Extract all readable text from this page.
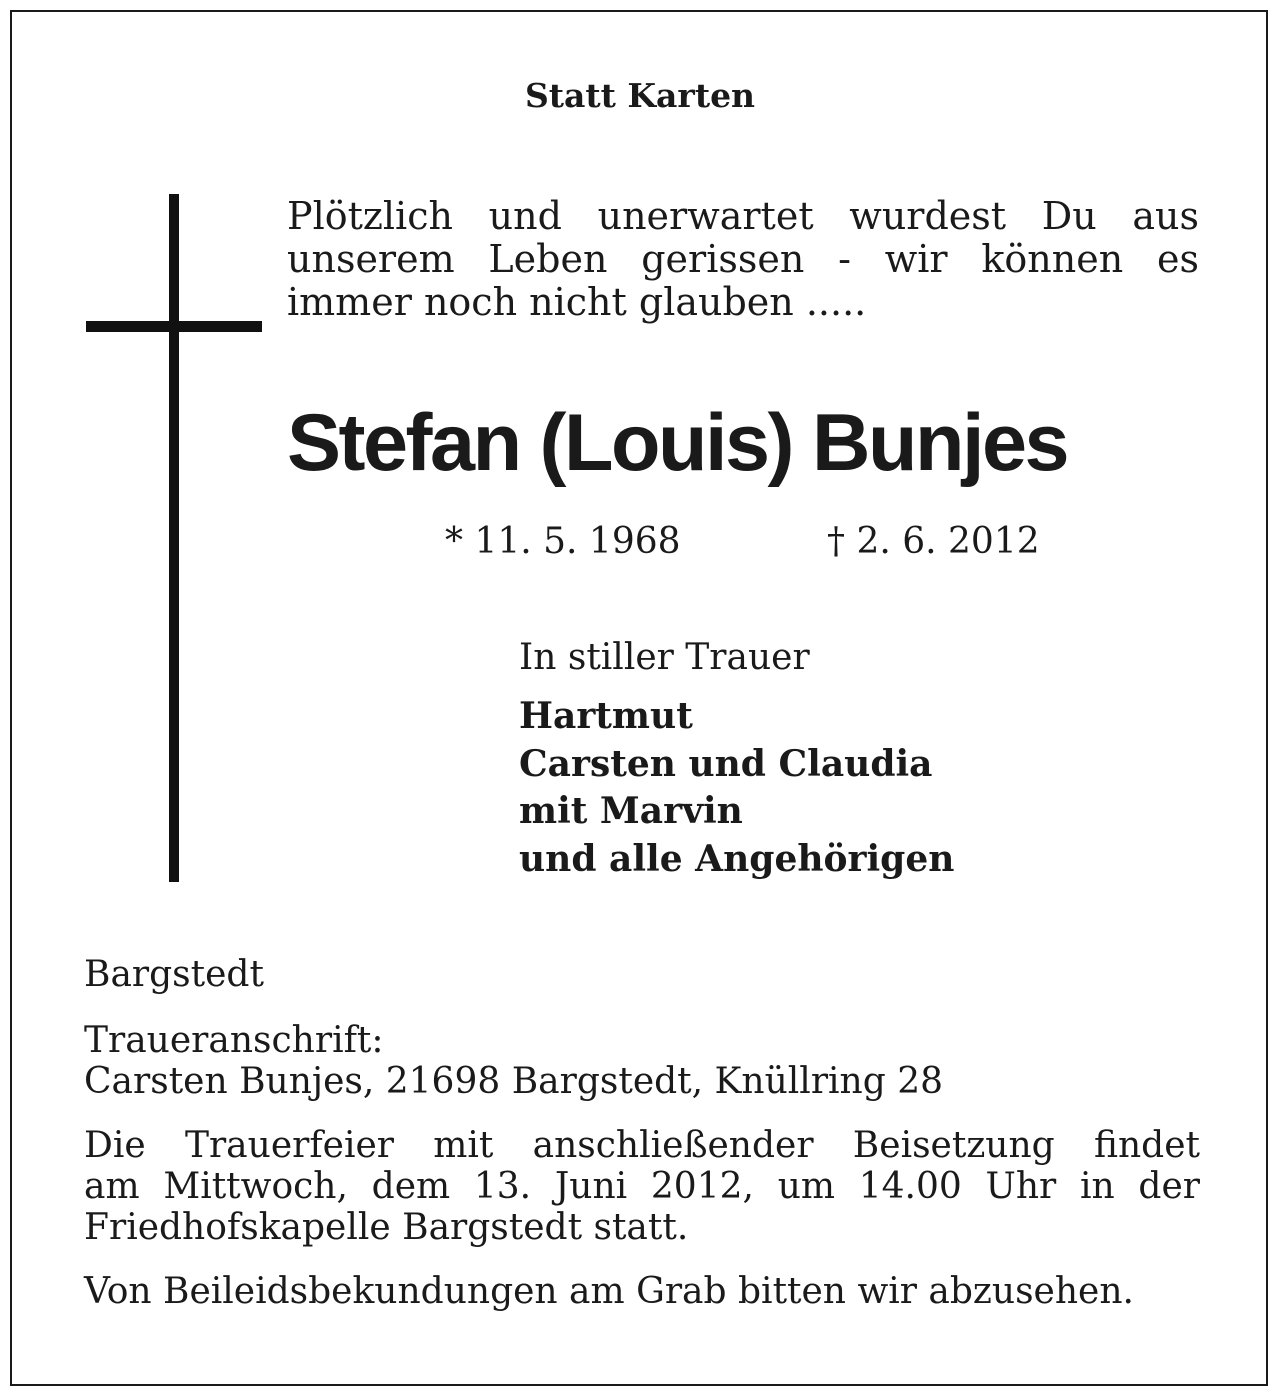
Statt Karten
Plötzlich und unerwartet wurdest Du aus
unserem Leben gerissen - wir können es
immer noch nicht glauben .....
Stefan (Louis) Bunjes
* 11. 5. 1968	† 2. 6. 2012
In stiller Trauer
Hartmut
Carsten und Claudia
mit Marvin
und alle Angehörigen
Bargstedt
Traueranschrift:
Carsten Bunjes, 21698 Bargstedt, Knüllring 28
Die Trauerfeier mit anschließender Beisetzung findet
am Mittwoch, dem 13. Juni 2012, um 14.00 Uhr in der
Friedhofskapelle Bargstedt statt.
Von Beileidsbekundungen am Grab bitten wir abzusehen.
